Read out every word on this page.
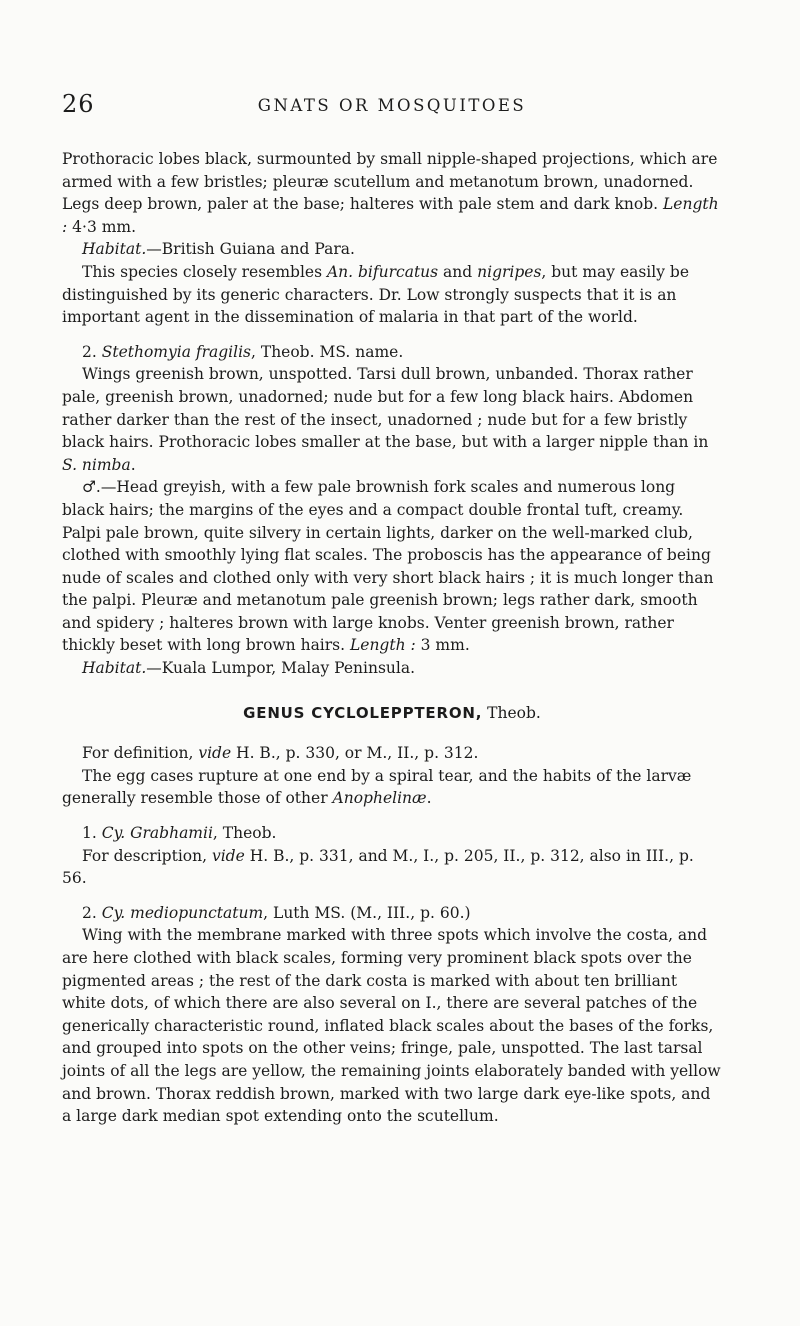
26	GNATS OR MOSQUITOES

Prothoracic lobes black, surmounted by small nipple-shaped projections, which are armed with a few bristles; pleuræ scutellum and metanotum brown, unadorned. Legs deep brown, paler at the base; halteres with pale stem and dark knob. Length : 4·3 mm.

Habitat.—British Guiana and Para.

This species closely resembles An. bifurcatus and nigripes, but may easily be distinguished by its generic characters. Dr. Low strongly suspects that it is an important agent in the dissemination of malaria in that part of the world.

2. Stethomyia fragilis, Theob. MS. name.

Wings greenish brown, unspotted. Tarsi dull brown, unbanded. Thorax rather pale, greenish brown, unadorned; nude but for a few long black hairs. Abdomen rather darker than the rest of the insect, unadorned ; nude but for a few bristly black hairs. Prothoracic lobes smaller at the base, but with a larger nipple than in S. nimba.

♂.—Head greyish, with a few pale brownish fork scales and numerous long black hairs; the margins of the eyes and a compact double frontal tuft, creamy. Palpi pale brown, quite silvery in certain lights, darker on the well-marked club, clothed with smoothly lying flat scales. The proboscis has the appearance of being nude of scales and clothed only with very short black hairs ; it is much longer than the palpi. Pleuræ and metanotum pale greenish brown; legs rather dark, smooth and spidery ; halteres brown with large knobs. Venter greenish brown, rather thickly beset with long brown hairs. Length : 3 mm.

Habitat.—Kuala Lumpor, Malay Peninsula.

GENUS CYCLOLEPPTERON, Theob.

For definition, vide H. B., p. 330, or M., II., p. 312.

The egg cases rupture at one end by a spiral tear, and the habits of the larvæ generally resemble those of other Anophelinæ.

1. Cy. Grabhamii, Theob.

For description, vide H. B., p. 331, and M., I., p. 205, II., p. 312, also in III., p. 56.

2. Cy. mediopunctatum, Luth MS. (M., III., p. 60.)

Wing with the membrane marked with three spots which involve the costa, and are here clothed with black scales, forming very prominent black spots over the pigmented areas ; the rest of the dark costa is marked with about ten brilliant white dots, of which there are also several on I., there are several patches of the generically characteristic round, inflated black scales about the bases of the forks, and grouped into spots on the other veins; fringe, pale, unspotted. The last tarsal joints of all the legs are yellow, the remaining joints elaborately banded with yellow and brown. Thorax reddish brown, marked with two large dark eye-like spots, and a large dark median spot extending onto the scutellum.
